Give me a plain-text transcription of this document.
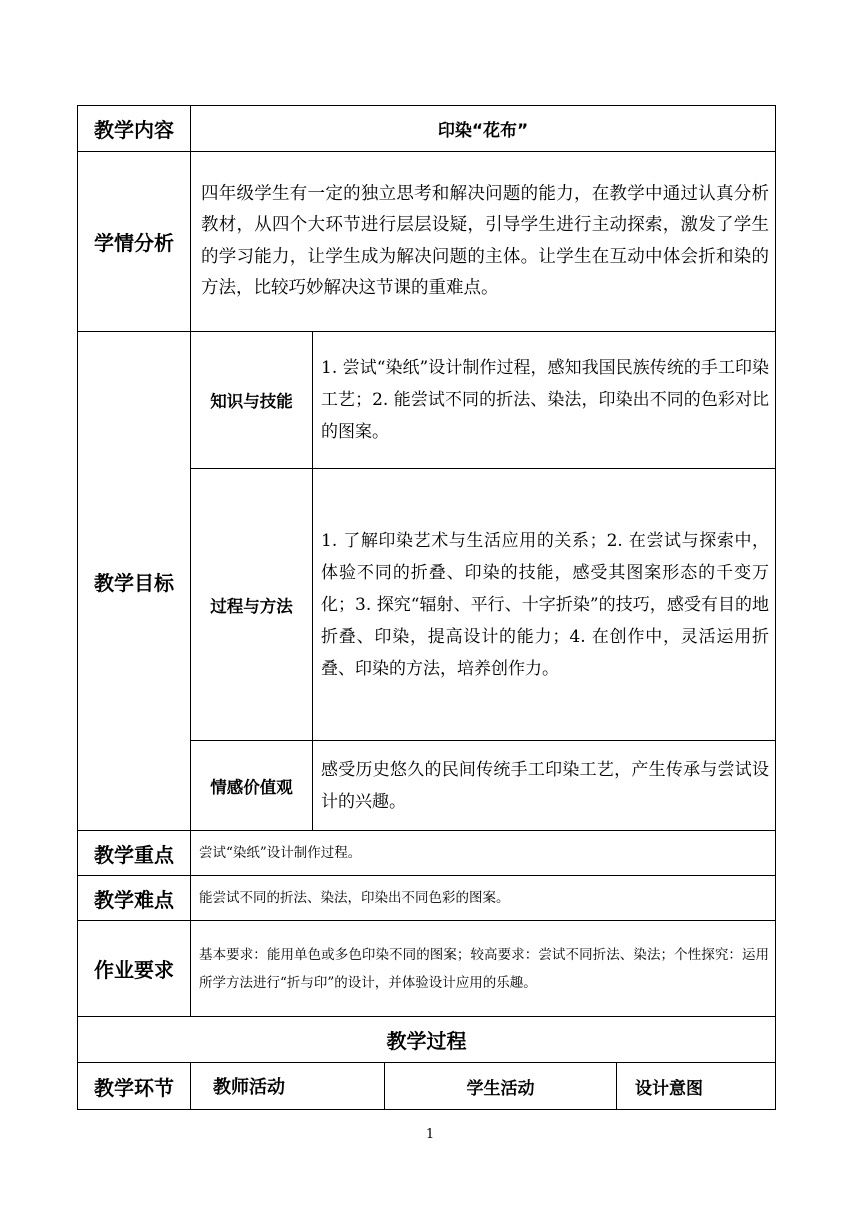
教学内容	印染“花布”			
学情分析	四年级学生有一定的独立思考和解决问题的能力，在教学中通过认真分析教材，从四个大环节进行层层设疑，引导学生进行主动探索，激发了学生的学习能力，让学生成为解决问题的主体。让学生在互动中体会折和染的方法，比较巧妙解决这节课的重难点。			
教学目标	知识与技能	1. 尝试“染纸”设计制作过程，感知我国民族传统的手工印染工艺；2. 能尝试不同的折法、染法，印染出不同的色彩对比的图案。		
	过程与方法	1. 了解印染艺术与生活应用的关系；2. 在尝试与探索中，体验不同的折叠、印染的技能，感受其图案形态的千变万化；3. 探究“辐射、平行、十字折染”的技巧，感受有目的地折叠、印染，提高设计的能力；4. 在创作中，灵活运用折叠、印染的方法，培养创作力。		
	情感价值观	感受历史悠久的民间传统手工印染工艺，产生传承与尝试设计的兴趣。		
教学重点	尝试“染纸”设计制作过程。			
教学难点	能尝试不同的折法、染法，印染出不同色彩的图案。			
作业要求	基本要求：能用单色或多色印染不同的图案；较高要求：尝试不同折法、染法；个性探究：运用所学方法进行“折与印”的设计，并体验设计应用的乐趣。			
教学过程				
教学环节	教师活动		学生活动	设计意图
1
